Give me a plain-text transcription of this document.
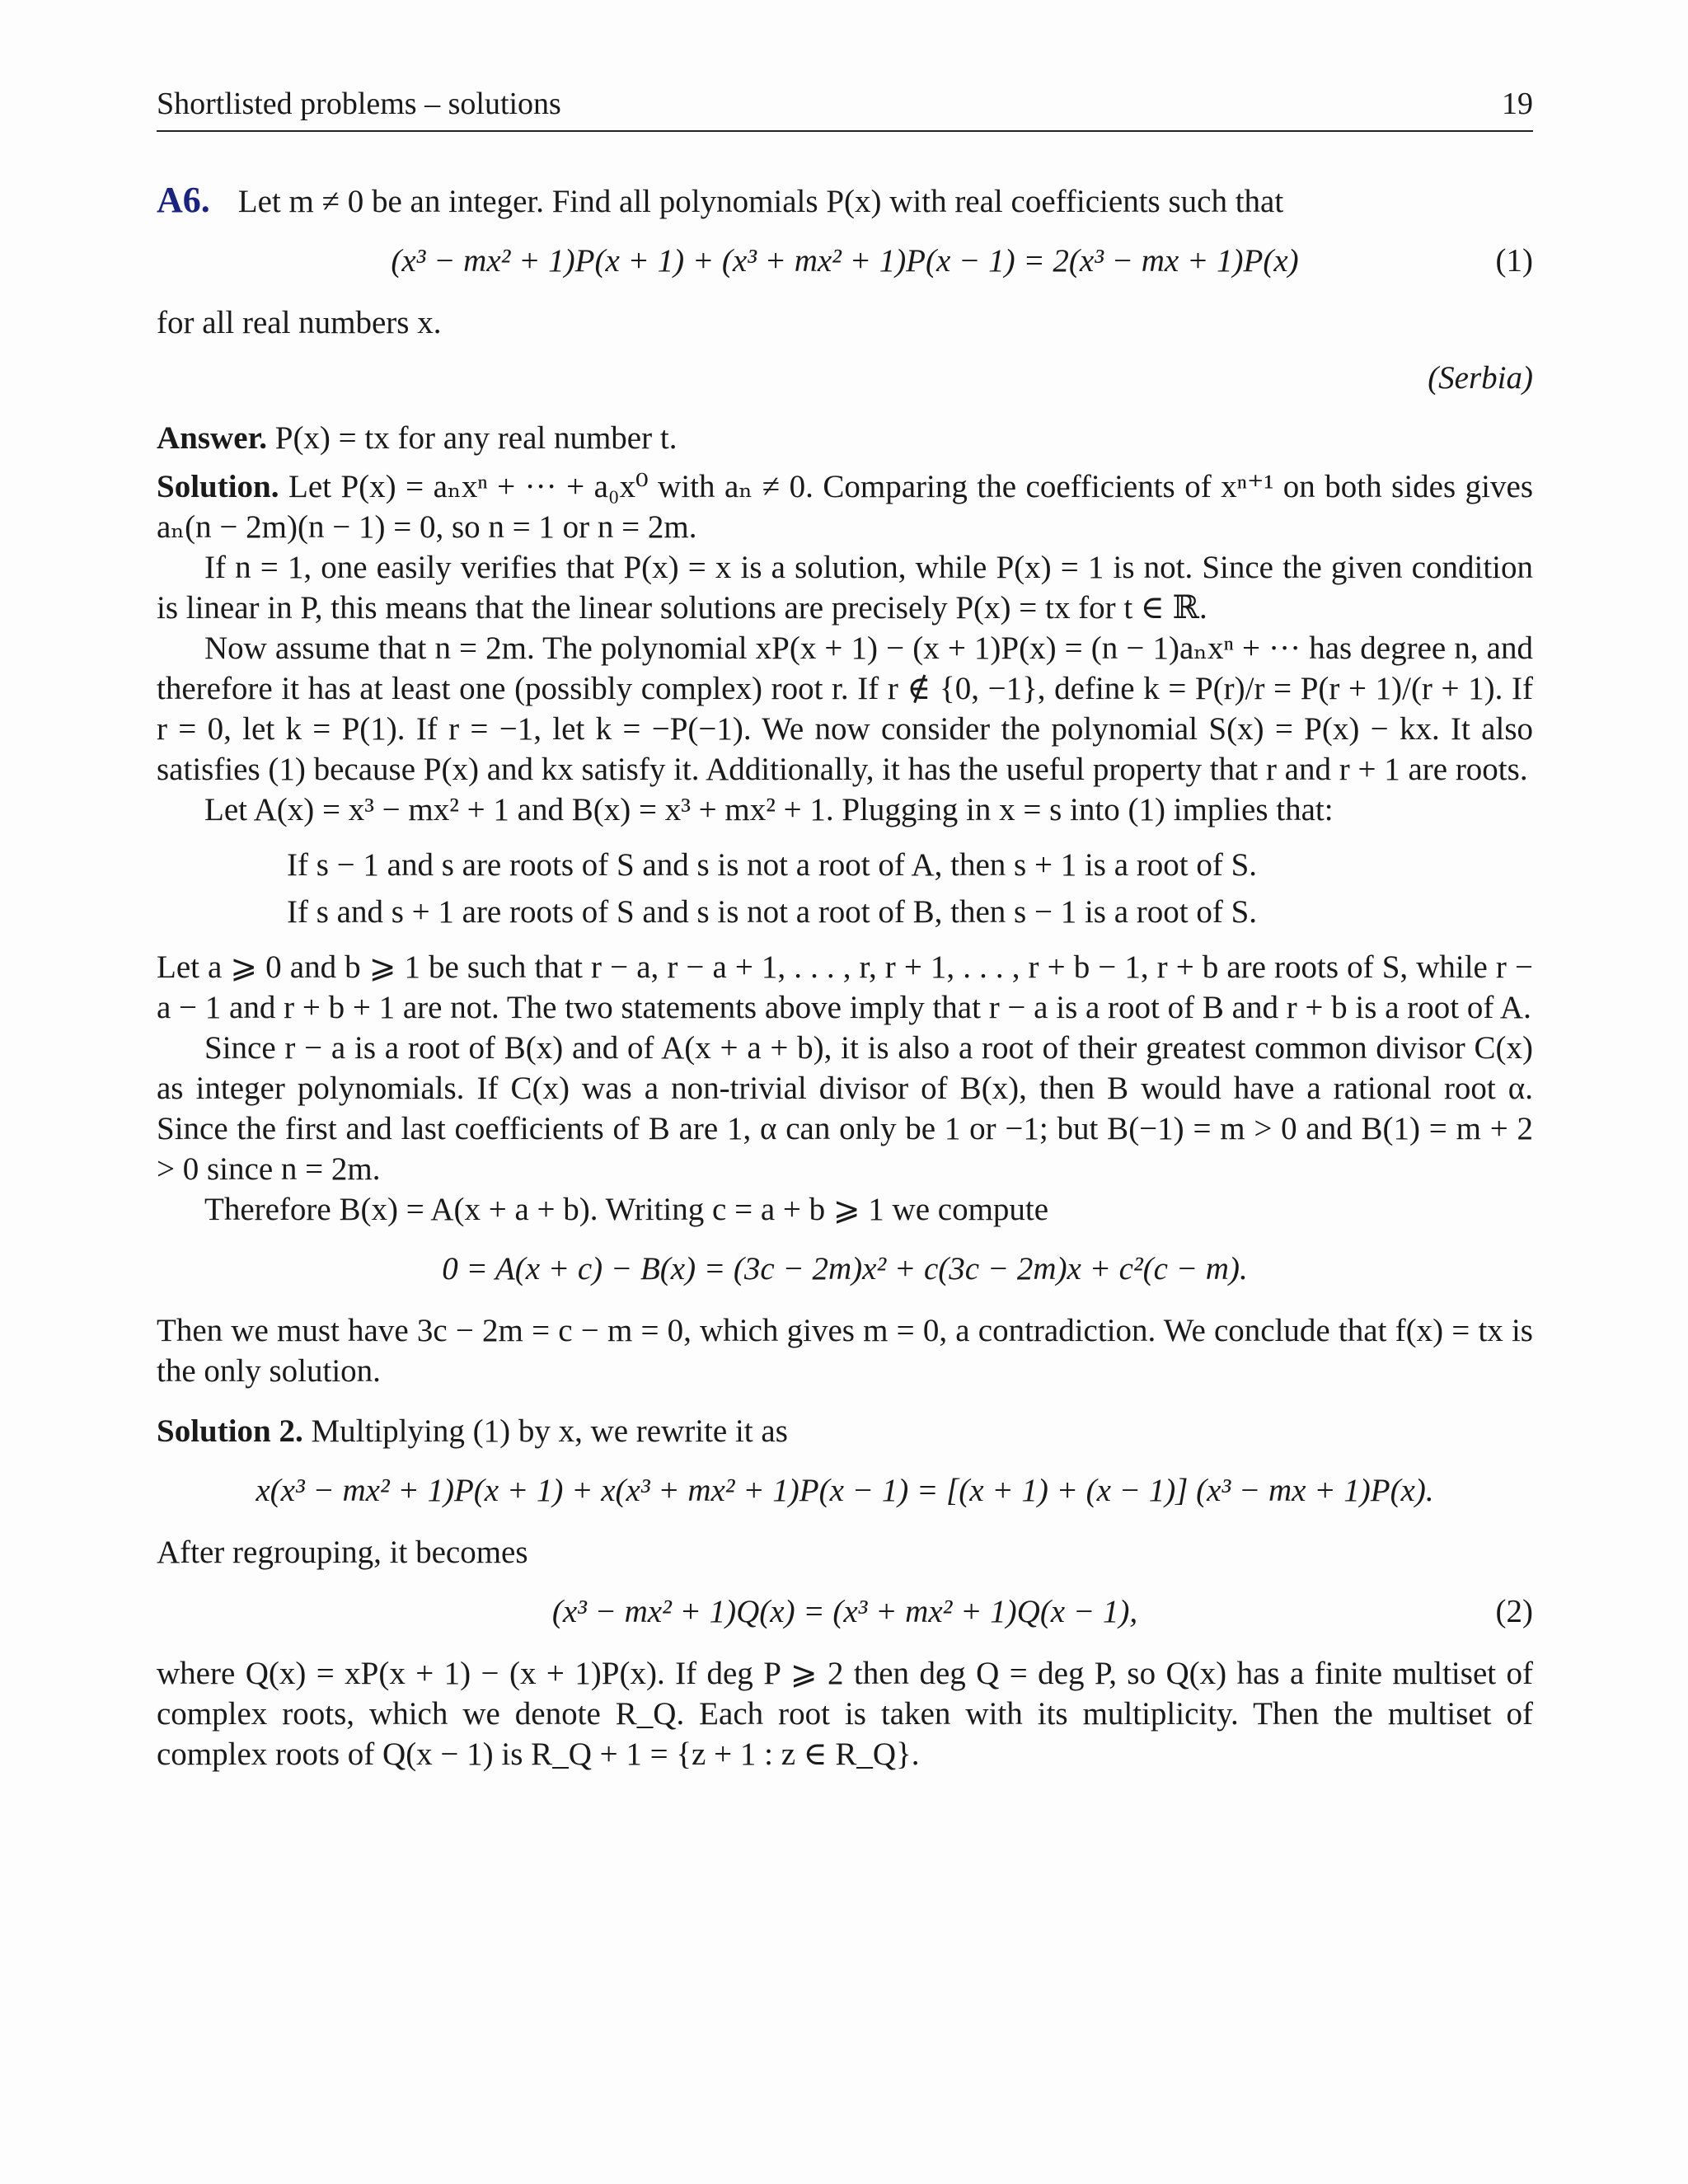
Shortlisted problems – solutions	19
A6. Let m ≠ 0 be an integer. Find all polynomials P(x) with real coefficients such that
(x³ − mx² + 1)P(x + 1) + (x³ + mx² + 1)P(x − 1) = 2(x³ − mx + 1)P(x)	(1)

for all real numbers x.

(Serbia)

Answer. P(x) = tx for any real number t.

Solution. Let P(x) = aₙxⁿ + ··· + a₀x⁰ with aₙ ≠ 0. Comparing the coefficients of xⁿ⁺¹ on both sides gives aₙ(n − 2m)(n − 1) = 0, so n = 1 or n = 2m.

If n = 1, one easily verifies that P(x) = x is a solution, while P(x) = 1 is not. Since the given condition is linear in P, this means that the linear solutions are precisely P(x) = tx for t ∈ ℝ.

Now assume that n = 2m. The polynomial xP(x + 1) − (x + 1)P(x) = (n − 1)aₙxⁿ + ··· has degree n, and therefore it has at least one (possibly complex) root r. If r ∉ {0, −1}, define k = P(r)/r = P(r + 1)/(r + 1). If r = 0, let k = P(1). If r = −1, let k = −P(−1). We now consider the polynomial S(x) = P(x) − kx. It also satisfies (1) because P(x) and kx satisfy it. Additionally, it has the useful property that r and r + 1 are roots.

Let A(x) = x³ − mx² + 1 and B(x) = x³ + mx² + 1. Plugging in x = s into (1) implies that:

If s − 1 and s are roots of S and s is not a root of A, then s + 1 is a root of S.
If s and s + 1 are roots of S and s is not a root of B, then s − 1 is a root of S.

Let a ⩾ 0 and b ⩾ 1 be such that r − a, r − a + 1, . . . , r, r + 1, . . . , r + b − 1, r + b are roots of S, while r − a − 1 and r + b + 1 are not. The two statements above imply that r − a is a root of B and r + b is a root of A.

Since r − a is a root of B(x) and of A(x + a + b), it is also a root of their greatest common divisor C(x) as integer polynomials. If C(x) was a non-trivial divisor of B(x), then B would have a rational root α. Since the first and last coefficients of B are 1, α can only be 1 or −1; but B(−1) = m > 0 and B(1) = m + 2 > 0 since n = 2m.

Therefore B(x) = A(x + a + b). Writing c = a + b ⩾ 1 we compute

0 = A(x + c) − B(x) = (3c − 2m)x² + c(3c − 2m)x + c²(c − m).

Then we must have 3c − 2m = c − m = 0, which gives m = 0, a contradiction. We conclude that f(x) = tx is the only solution.

Solution 2. Multiplying (1) by x, we rewrite it as

x(x³ − mx² + 1)P(x + 1) + x(x³ + mx² + 1)P(x − 1) = [(x + 1) + (x − 1)] (x³ − mx + 1)P(x).

After regrouping, it becomes

(x³ − mx² + 1)Q(x) = (x³ + mx² + 1)Q(x − 1),	(2)

where Q(x) = xP(x + 1) − (x + 1)P(x). If deg P ⩾ 2 then deg Q = deg P, so Q(x) has a finite multiset of complex roots, which we denote R_Q. Each root is taken with its multiplicity. Then the multiset of complex roots of Q(x − 1) is R_Q + 1 = {z + 1 : z ∈ R_Q}.
